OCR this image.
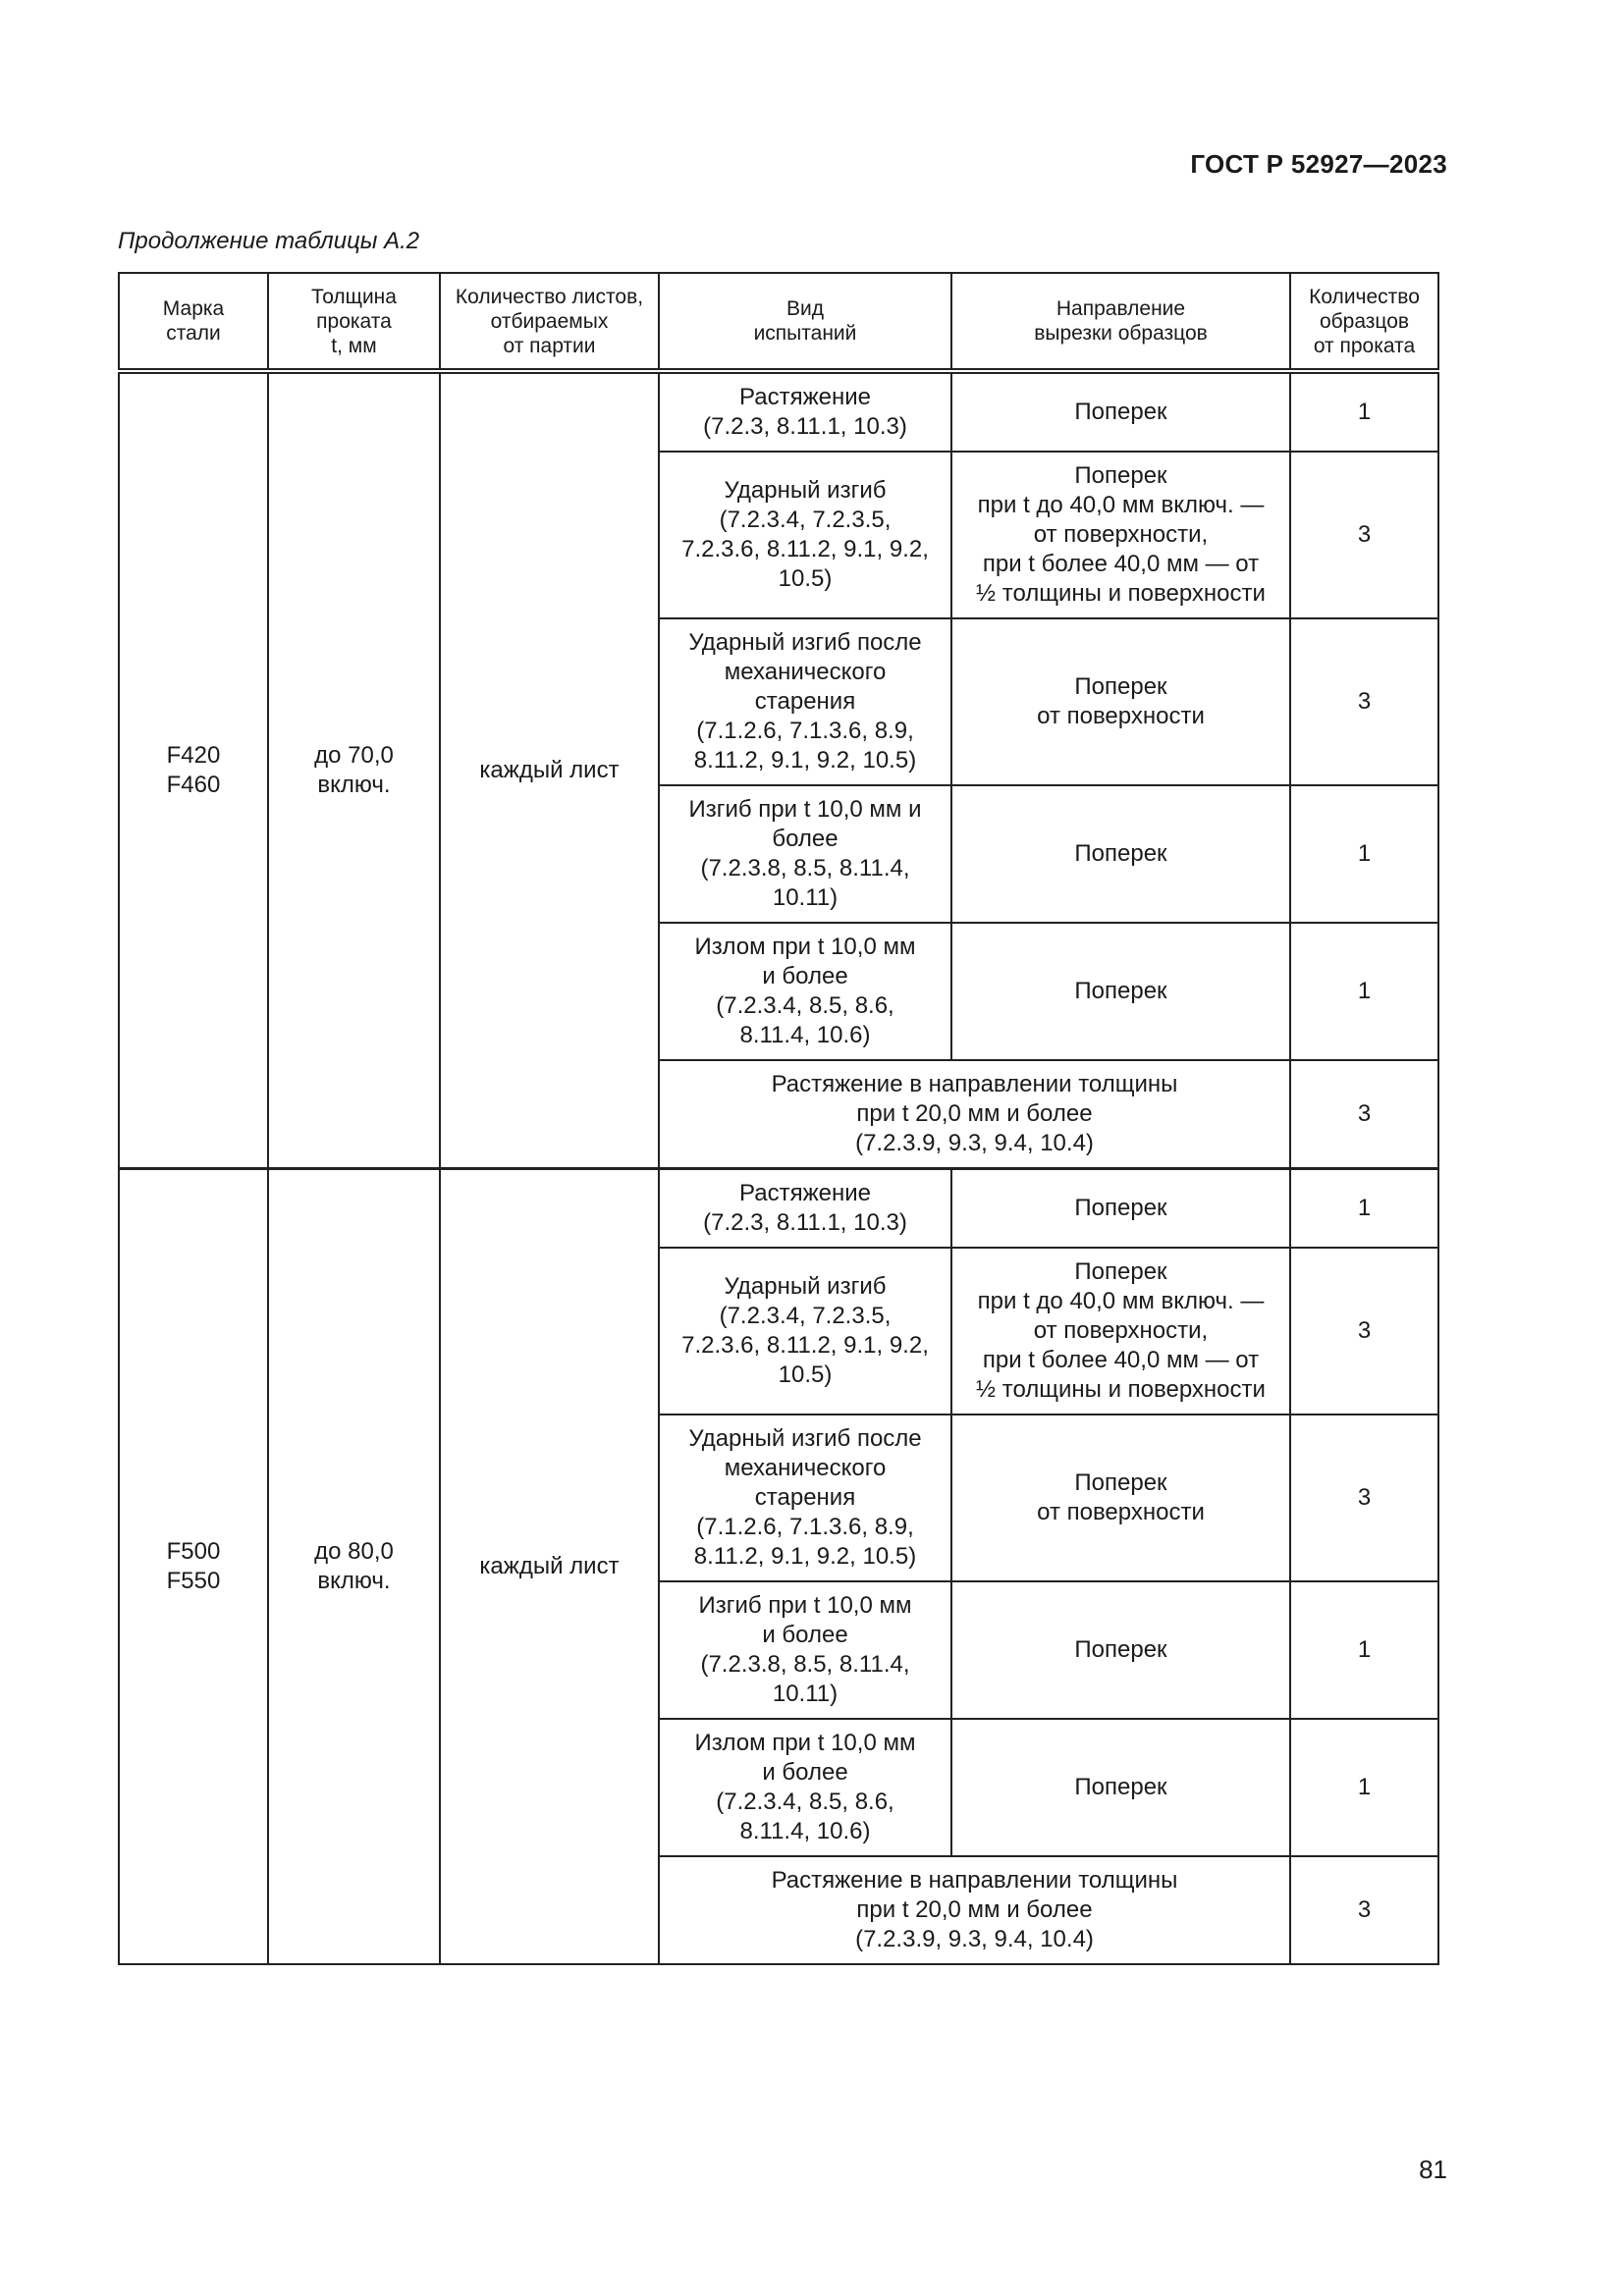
ГОСТ Р 52927—2023
Продолжение таблицы А.2
Марка
стали	Толщина
проката
t, мм	Количество листов,
отбираемых
от партии	Вид
испытаний	Направление
вырезки образцов	Количество
образцов
от проката
F420
F460	до 70,0
включ.	каждый лист	Растяжение
(7.2.3, 8.11.1, 10.3)	Поперек	1
			Ударный изгиб
(7.2.3.4, 7.2.3.5,
7.2.3.6, 8.11.2, 9.1, 9.2,
10.5)	Поперек
при t до 40,0 мм включ. —
от поверхности,
при t более 40,0 мм — от
½ толщины и поверхности	3
			Ударный изгиб после
механического
старения
(7.1.2.6, 7.1.3.6, 8.9,
8.11.2, 9.1, 9.2, 10.5)	Поперек
от поверхности	3
			Изгиб при t 10,0 мм и
более
(7.2.3.8, 8.5, 8.11.4,
10.11)	Поперек	1
			Излом при t 10,0 мм
и более
(7.2.3.4, 8.5, 8.6,
8.11.4, 10.6)	Поперек	1
			Растяжение в направлении толщины
при t 20,0 мм и более
(7.2.3.9, 9.3, 9.4, 10.4)		3
F500
F550	до 80,0
включ.	каждый лист	Растяжение
(7.2.3, 8.11.1, 10.3)	Поперек	1
			Ударный изгиб
(7.2.3.4, 7.2.3.5,
7.2.3.6, 8.11.2, 9.1, 9.2,
10.5)	Поперек
при t до 40,0 мм включ. —
от поверхности,
при t более 40,0 мм — от
½ толщины и поверхности	3
			Ударный изгиб после
механического
старения
(7.1.2.6, 7.1.3.6, 8.9,
8.11.2, 9.1, 9.2, 10.5)	Поперек
от поверхности	3
			Изгиб при t 10,0 мм
и более
(7.2.3.8, 8.5, 8.11.4,
10.11)	Поперек	1
			Излом при t 10,0 мм
и более
(7.2.3.4, 8.5, 8.6,
8.11.4, 10.6)	Поперек	1
			Растяжение в направлении толщины
при t 20,0 мм и более
(7.2.3.9, 9.3, 9.4, 10.4)		3
81
